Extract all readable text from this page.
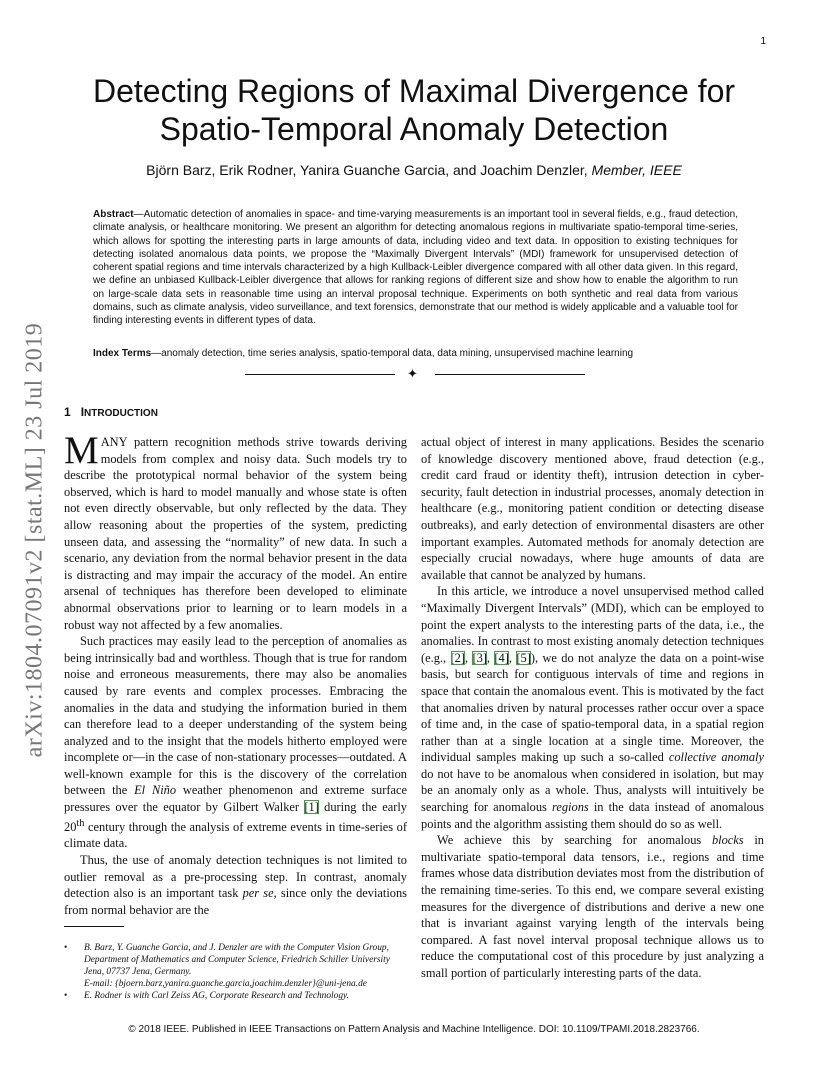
1
arXiv:1804.07091v2 [stat.ML] 23 Jul 2019
Detecting Regions of Maximal Divergence for
Spatio-Temporal Anomaly Detection
Björn Barz, Erik Rodner, Yanira Guanche Garcia, and Joachim Denzler, Member, IEEE
Abstract—Automatic detection of anomalies in space- and time-varying measurements is an important tool in several fields, e.g., fraud detection, climate analysis, or healthcare monitoring. We present an algorithm for detecting anomalous regions in multivariate spatio-temporal time-series, which allows for spotting the interesting parts in large amounts of data, including video and text data. In opposition to existing techniques for detecting isolated anomalous data points, we propose the “Maximally Divergent Intervals” (MDI) framework for unsupervised detection of coherent spatial regions and time intervals characterized by a high Kullback-Leibler divergence compared with all other data given. In this regard, we define an unbiased Kullback-Leibler divergence that allows for ranking regions of different size and show how to enable the algorithm to run on large-scale data sets in reasonable time using an interval proposal technique. Experiments on both synthetic and real data from various domains, such as climate analysis, video surveillance, and text forensics, demonstrate that our method is widely applicable and a valuable tool for finding interesting events in different types of data.
Index Terms—anomaly detection, time series analysis, spatio-temporal data, data mining, unsupervised machine learning
✦
1 INTRODUCTION

MANY pattern recognition methods strive towards deriving models from complex and noisy data. Such models try to describe the prototypical normal behavior of the system being observed, which is hard to model manually and whose state is often not even directly observable, but only reflected by the data. They allow reasoning about the properties of the system, predicting unseen data, and assessing the “normality” of new data. In such a scenario, any deviation from the normal behavior present in the data is distracting and may impair the accuracy of the model. An entire arsenal of techniques has therefore been developed to eliminate abnormal observations prior to learning or to learn models in a robust way not affected by a few anomalies.

Such practices may easily lead to the perception of anomalies as being intrinsically bad and worthless. Though that is true for random noise and erroneous measurements, there may also be anomalies caused by rare events and complex processes. Embracing the anomalies in the data and studying the information buried in them can therefore lead to a deeper understanding of the system being analyzed and to the insight that the models hitherto employed were incomplete or—in the case of non-stationary processes—outdated. A well-known example for this is the discovery of the correlation between the El Niño weather phenomenon and extreme surface pressures over the equator by Gilbert Walker [1] during the early 20th century through the analysis of extreme events in time-series of climate data.

Thus, the use of anomaly detection techniques is not limited to outlier removal as a pre-processing step. In contrast, anomaly detection also is an important task per se, since only the deviations from normal behavior are the

actual object of interest in many applications. Besides the scenario of knowledge discovery mentioned above, fraud detection (e.g., credit card fraud or identity theft), intrusion detection in cyber-security, fault detection in industrial processes, anomaly detection in healthcare (e.g., monitoring patient condition or detecting disease outbreaks), and early detection of environmental disasters are other important examples. Automated methods for anomaly detection are especially crucial nowadays, where huge amounts of data are available that cannot be analyzed by humans.

In this article, we introduce a novel unsupervised method called “Maximally Divergent Intervals” (MDI), which can be employed to point the expert analysts to the interesting parts of the data, i.e., the anomalies. In contrast to most existing anomaly detection techniques (e.g., [2], [3], [4], [5]), we do not analyze the data on a point-wise basis, but search for contiguous intervals of time and regions in space that contain the anomalous event. This is motivated by the fact that anomalies driven by natural processes rather occur over a space of time and, in the case of spatio-temporal data, in a spatial region rather than at a single location at a single time. Moreover, the individual samples making up such a so-called collective anomaly do not have to be anomalous when considered in isolation, but may be an anomaly only as a whole. Thus, analysts will intuitively be searching for anomalous regions in the data instead of anomalous points and the algorithm assisting them should do so as well.

We achieve this by searching for anomalous blocks in multivariate spatio-temporal data tensors, i.e., regions and time frames whose data distribution deviates most from the distribution of the remaining time-series. To this end, we compare several existing measures for the divergence of distributions and derive a new one that is invariant against varying length of the intervals being compared. A fast novel interval proposal technique allows us to reduce the computational cost of this procedure by just analyzing a small portion of particularly interesting parts of the data.

• B. Barz, Y. Guanche Garcia, and J. Denzler are with the Computer Vision Group, Department of Mathematics and Computer Science, Friedrich Schiller University Jena, 07737 Jena, Germany.
E-mail: {bjoern.barz,yanira.guanche.garcia,joachim.denzler}@uni-jena.de
• E. Rodner is with Carl Zeiss AG, Corporate Research and Technology.
© 2018 IEEE. Published in IEEE Transactions on Pattern Analysis and Machine Intelligence. DOI: 10.1109/TPAMI.2018.2823766.
